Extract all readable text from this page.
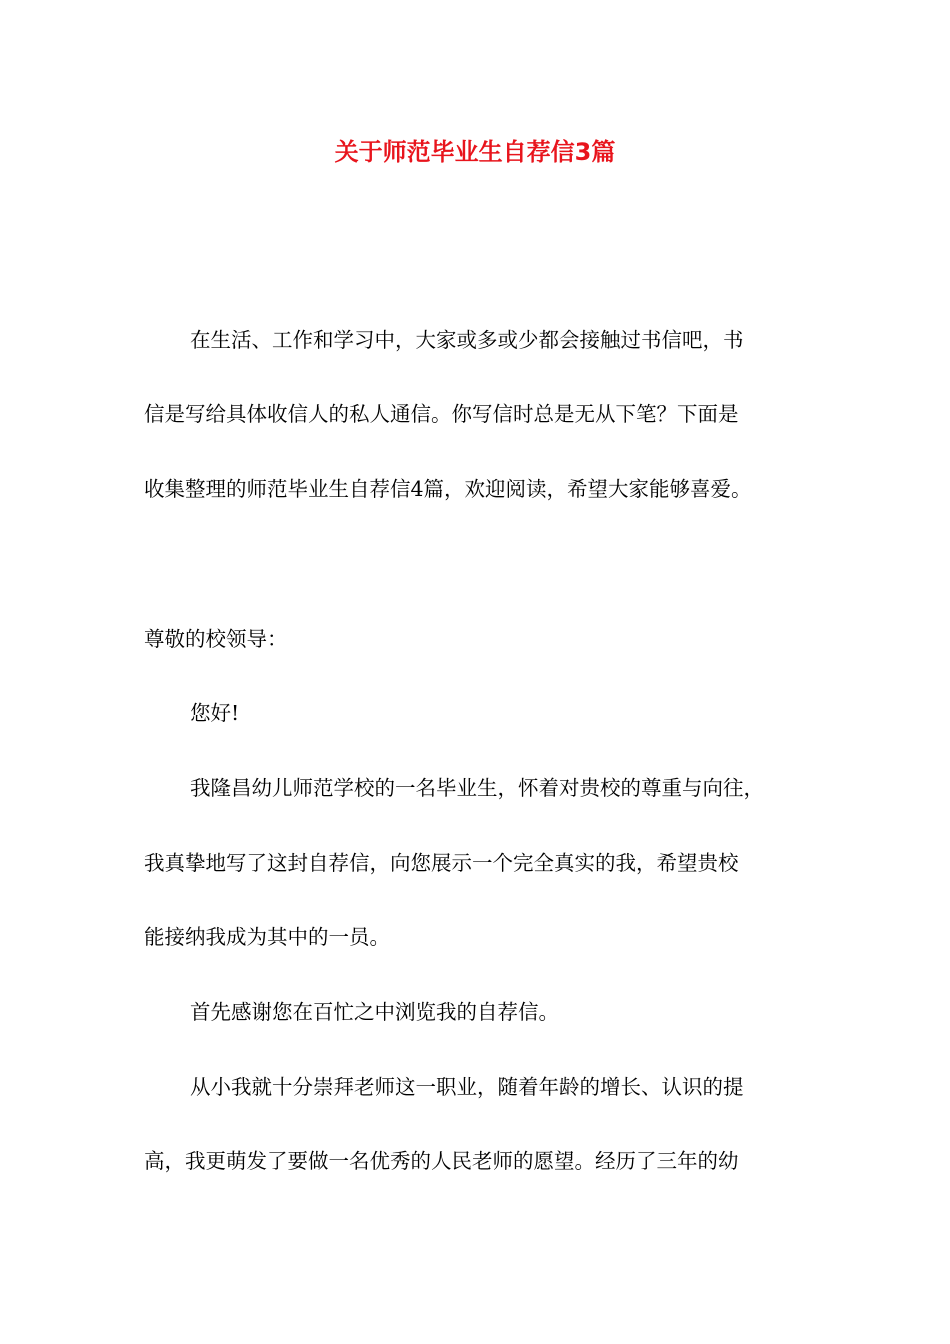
关于师范毕业生自荐信3篇

在生活、工作和学习中，大家或多或少都会接触过书信吧，书

信是写给具体收信人的私人通信。你写信时总是无从下笔？下面是

收集整理的师范毕业生自荐信4篇，欢迎阅读，希望大家能够喜爱。

尊敬的校领导：

您好!

我隆昌幼儿师范学校的一名毕业生，怀着对贵校的尊重与向往，

我真挚地写了这封自荐信，向您展示一个完全真实的我，希望贵校

能接纳我成为其中的一员。

首先感谢您在百忙之中浏览我的自荐信。

从小我就十分崇拜老师这一职业，随着年龄的增长、认识的提

高，我更萌发了要做一名优秀的人民老师的愿望。经历了三年的幼
